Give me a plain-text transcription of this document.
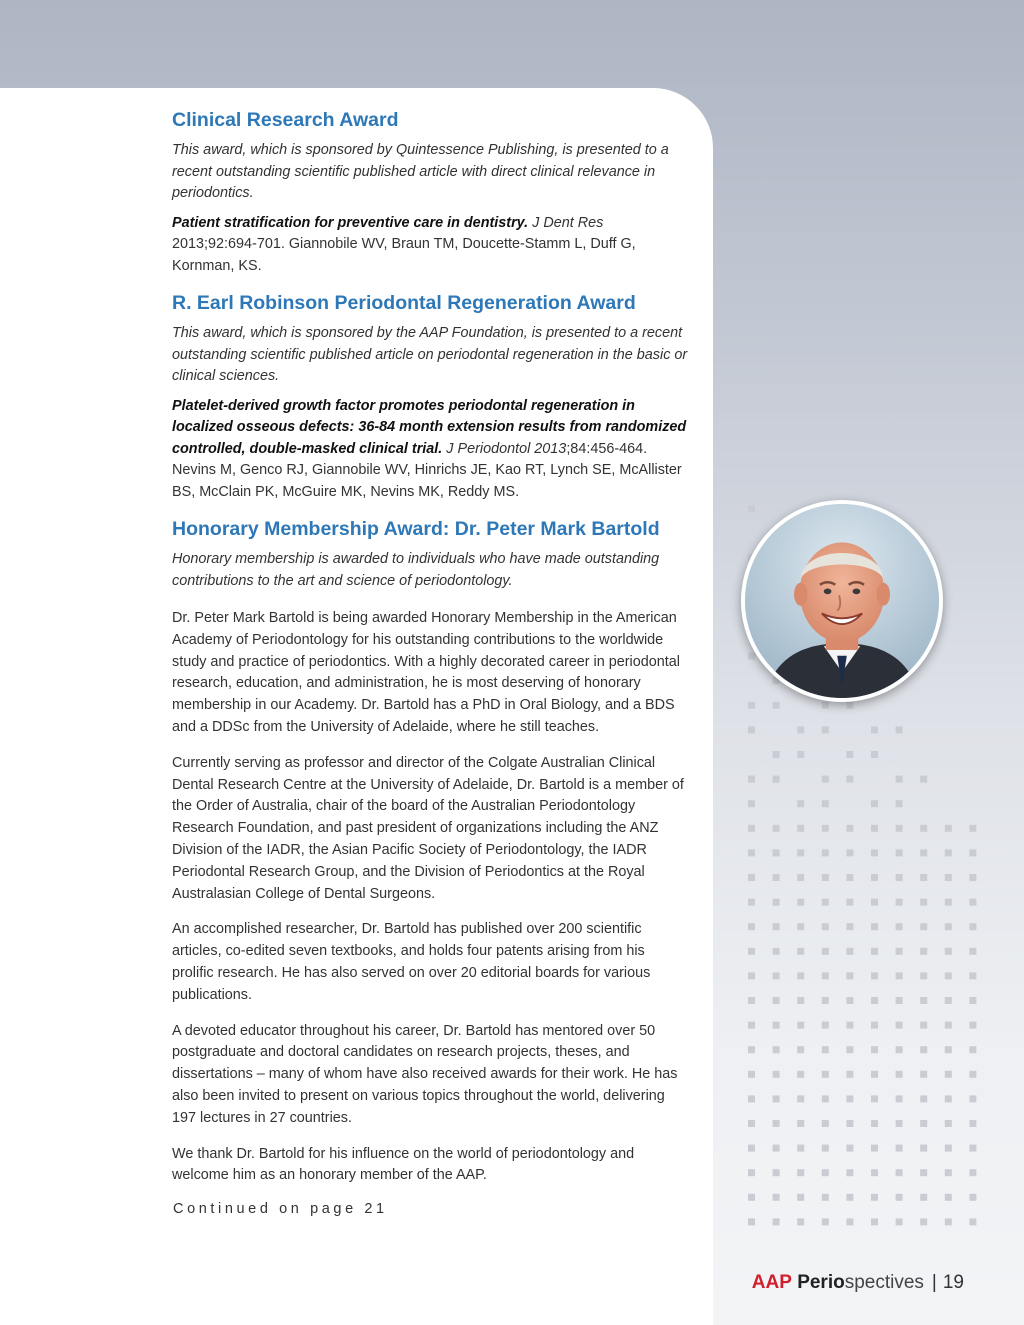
Clinical Research Award

This award, which is sponsored by Quintessence Publishing, is presented to a recent outstanding scientific published article with direct clinical relevance in periodontics.

Patient stratification for preventive care in dentistry. J Dent Res 2013;92:694-701. Giannobile WV, Braun TM, Doucette-Stamm L, Duff G, Kornman, KS.

R. Earl Robinson Periodontal Regeneration Award

This award, which is sponsored by the AAP Foundation, is presented to a recent outstanding scientific published article on periodontal regeneration in the basic or clinical sciences.

Platelet-derived growth factor promotes periodontal regeneration in localized osseous defects: 36-84 month extension results from randomized controlled, double-masked clinical trial. J Periodontol 2013;84:456-464. Nevins M, Genco RJ, Giannobile WV, Hinrichs JE, Kao RT, Lynch SE, McAllister BS, McClain PK, McGuire MK, Nevins MK, Reddy MS.

Honorary Membership Award: Dr. Peter Mark Bartold

Honorary membership is awarded to individuals who have made outstanding contributions to the art and science of periodontology.

Dr. Peter Mark Bartold is being awarded Honorary Membership in the American Academy of Periodontology for his outstanding contributions to the worldwide study and practice of periodontics. With a highly decorated career in periodontal research, education, and administration, he is most deserving of honorary membership in our Academy. Dr. Bartold has a PhD in Oral Biology, and a BDS and a DDSc from the University of Adelaide, where he still teaches.

Currently serving as professor and director of the Colgate Australian Clinical Dental Research Centre at the University of Adelaide, Dr. Bartold is a member of the Order of Australia, chair of the board of the Australian Periodontology Research Foundation, and past president of organizations including the ANZ Division of the IADR, the Asian Pacific Society of Periodontology, the IADR Periodontal Research Group, and the Division of Periodontics at the Royal Australasian College of Dental Surgeons.

An accomplished researcher, Dr. Bartold has published over 200 scientific articles, co-edited seven textbooks, and holds four patents arising from his prolific research. He has also served on over 20 editorial boards for various publications.

A devoted educator throughout his career, Dr. Bartold has mentored over 50 postgraduate and doctoral candidates on research projects, theses, and dissertations – many of whom have also received awards for their work. He has also been invited to present on various topics throughout the world, delivering 197 lectures in 27 countries.

We thank Dr. Bartold for his influence on the world of periodontology and welcome him as an honorary member of the AAP.

Continued on page 21
AAP Periospectives | 19
